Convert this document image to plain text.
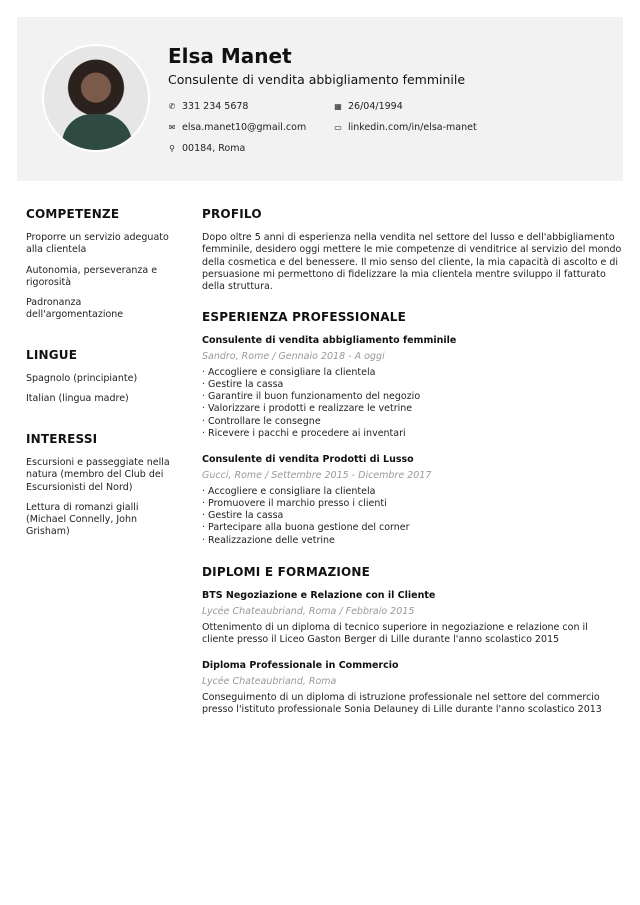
Elsa Manet
Consulente di vendita abbigliamento femminile
✆ 331 234 5678	▦ 26/04/1994
✉ elsa.manet10@gmail.com	▭ linkedin.com/in/elsa-manet
⚲ 00184, Roma
COMPETENZE

Proporre un servizio adeguato alla clientela

Autonomia, perseveranza e rigorosità

Padronanza dell'argomentazione

LINGUE

Spagnolo (principiante)

Italian (lingua madre)

INTERESSI

Escursioni e passeggiate nella natura (membro del Club dei Escursionisti del Nord)

Lettura di romanzi gialli (Michael Connelly, John Grisham)

PROFILO
Dopo oltre 5 anni di esperienza nella vendita nel settore del lusso e dell'abbigliamento femminile, desidero oggi mettere le mie competenze di venditrice al servizio del mondo della cosmetica e del benessere. Il mio senso del cliente, la mia capacità di ascolto e di persuasione mi permettono di fidelizzare la mia clientela mentre sviluppo il fatturato della struttura.
ESPERIENZA PROFESSIONALE
Consulente di vendita abbigliamento femminile
Sandro, Rome / Gennaio 2018 - A oggi
· Accogliere e consigliare la clientela
· Gestire la cassa
· Garantire il buon funzionamento del negozio
· Valorizzare i prodotti e realizzare le vetrine
· Controllare le consegne
· Ricevere i pacchi e procedere ai inventari
Consulente di vendita Prodotti di Lusso
Gucci, Rome / Settembre 2015 - Dicembre 2017
· Accogliere e consigliare la clientela
· Promuovere il marchio presso i clienti
· Gestire la cassa
· Partecipare alla buona gestione del corner
· Realizzazione delle vetrine
DIPLOMI E FORMAZIONE
BTS Negoziazione e Relazione con il Cliente
Lycée Chateaubriand, Roma / Febbraio 2015
Ottenimento di un diploma di tecnico superiore in negoziazione e relazione con il cliente presso il Liceo Gaston Berger di Lille durante l'anno scolastico 2015
Diploma Professionale in Commercio
Lycée Chateaubriand, Roma
Conseguimento di un diploma di istruzione professionale nel settore del commercio presso l'istituto professionale Sonia Delauney di Lille durante l'anno scolastico 2013
